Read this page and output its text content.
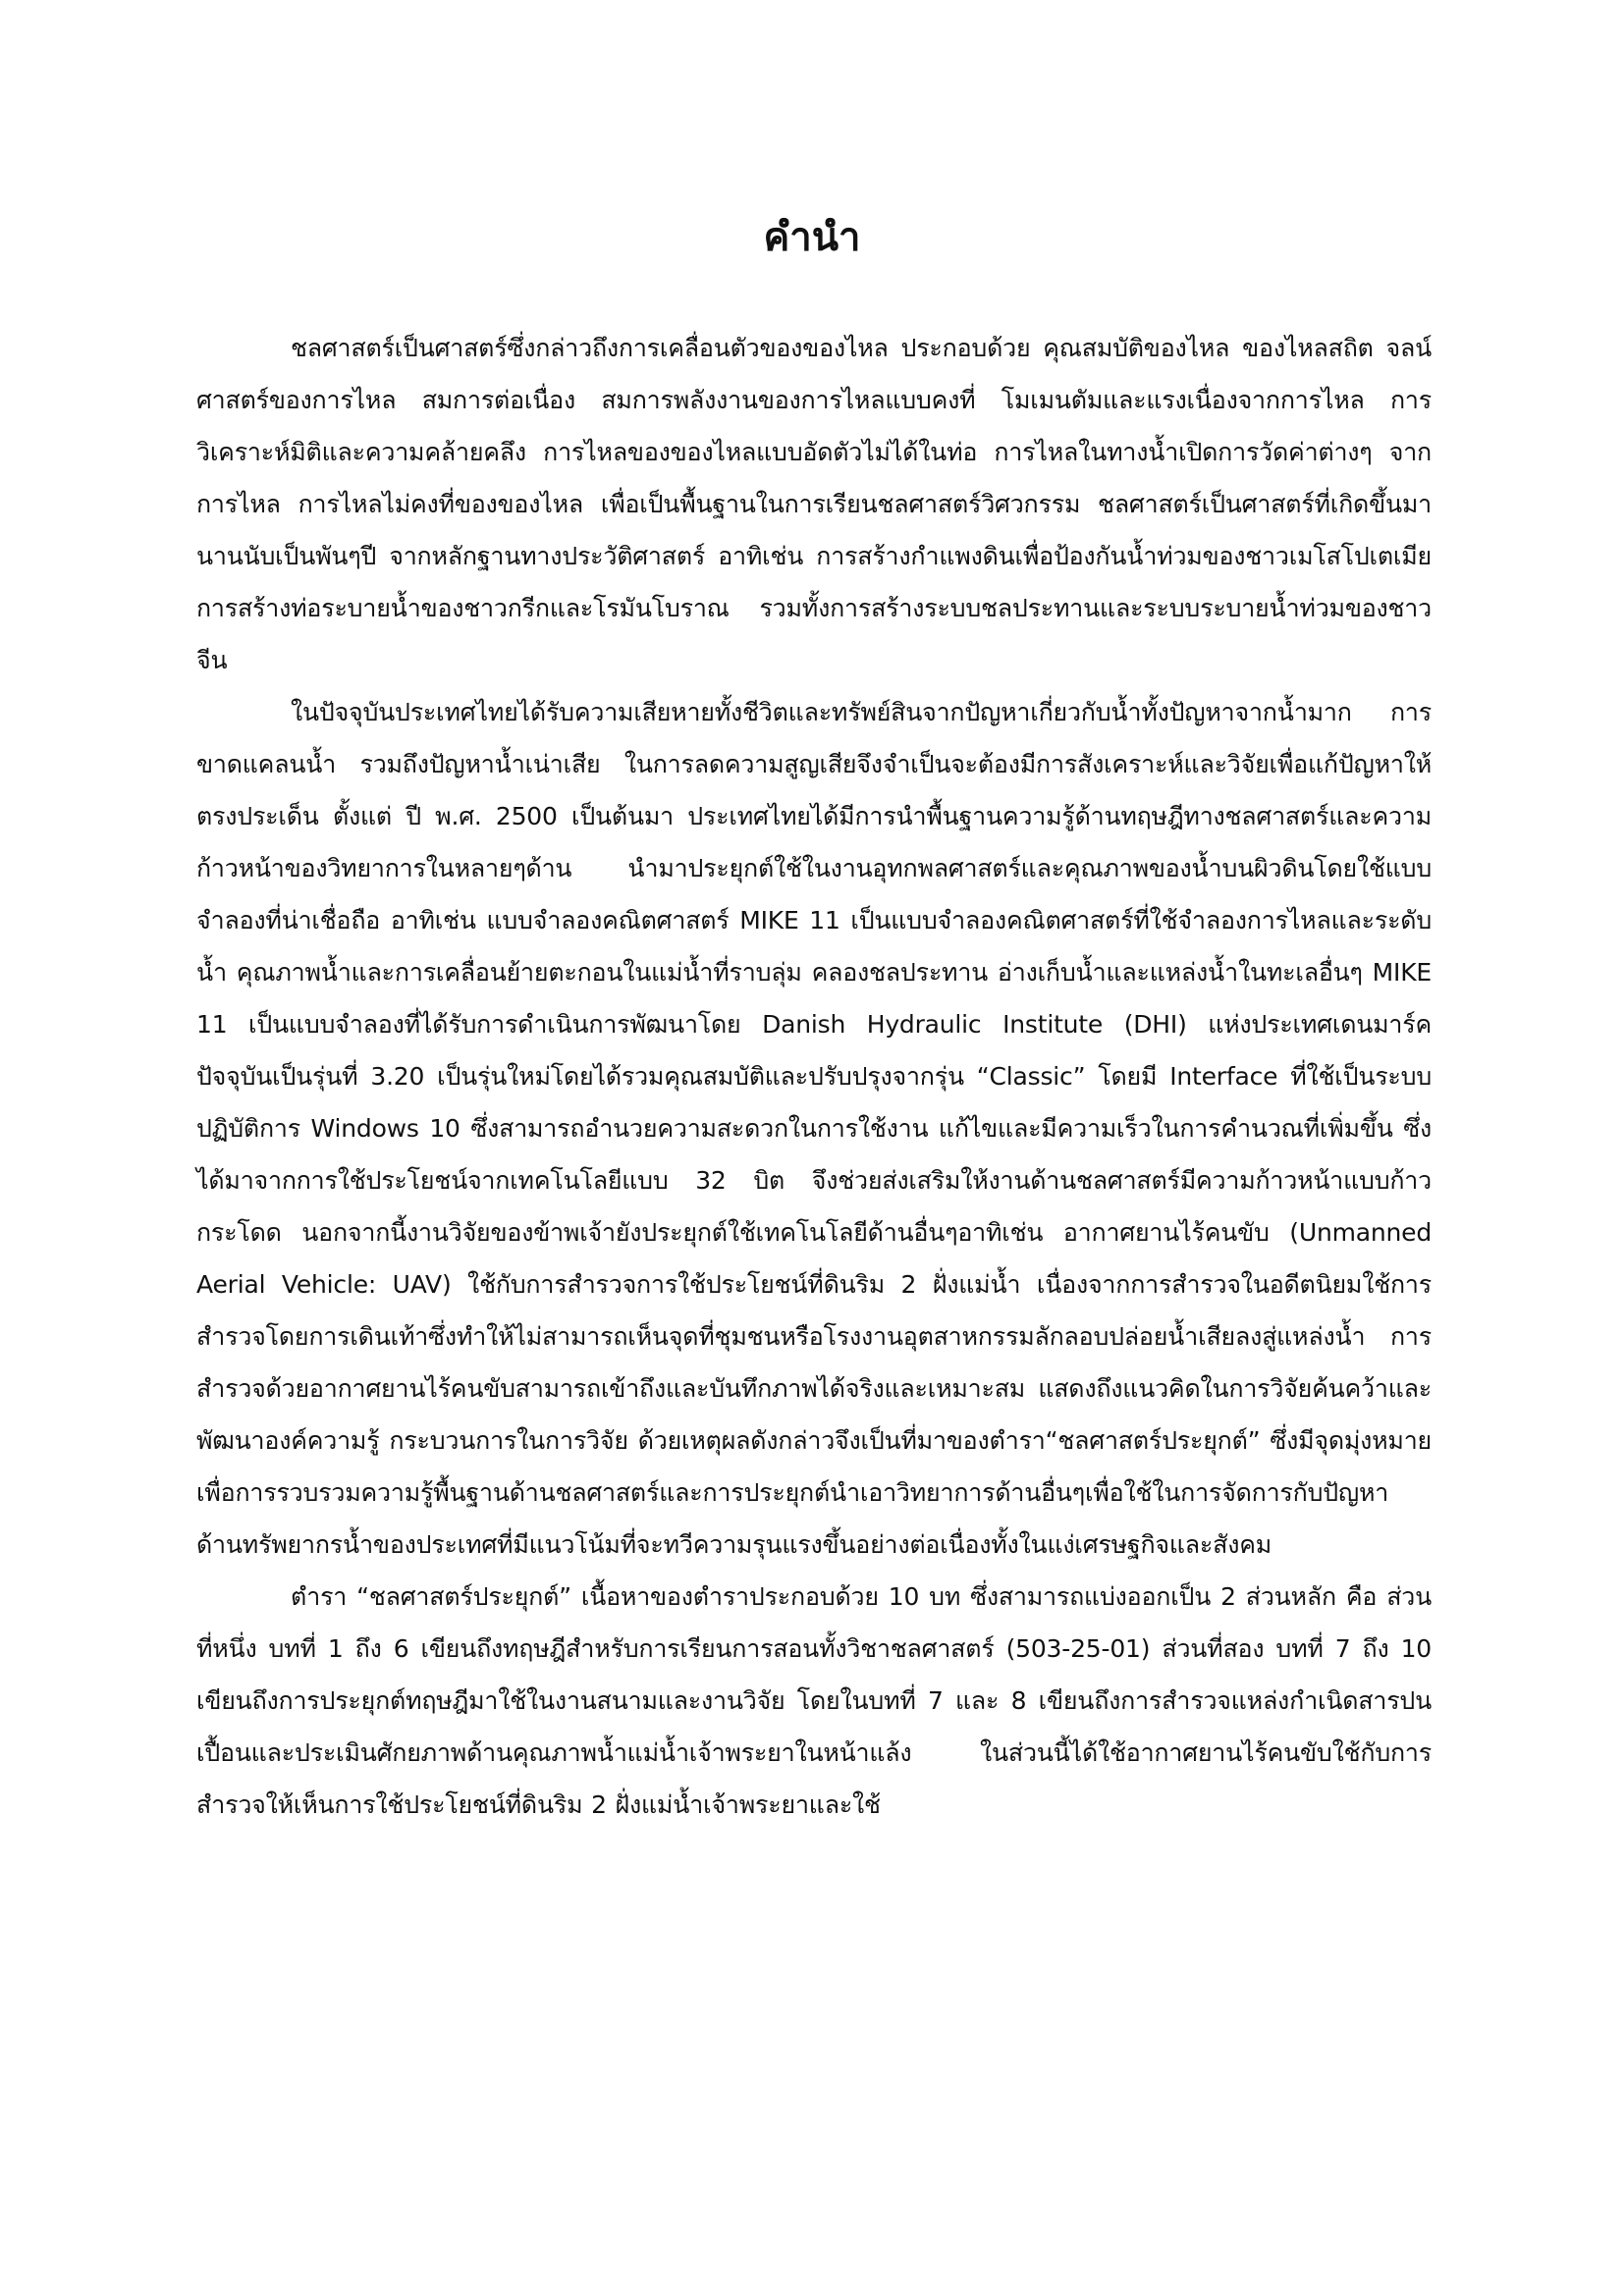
คำนำ

ชลศาสตร์เป็นศาสตร์ซึ่งกล่าวถึงการเคลื่อนตัวของของไหล ประกอบด้วย คุณสมบัติของไหล ของไหลสถิต จลน์ศาสตร์ของการไหล สมการต่อเนื่อง สมการพลังงานของการไหลแบบคงที่ โมเมนตัมและแรงเนื่องจากการไหล การวิเคราะห์มิติและความคล้ายคลึง การไหลของของไหลแบบอัดตัวไม่ได้ในท่อ การไหลในทางน้ำเปิดการวัดค่าต่างๆ จากการไหล การไหลไม่คงที่ของของไหล เพื่อเป็นพื้นฐานในการเรียนชลศาสตร์วิศวกรรม ชลศาสตร์เป็นศาสตร์ที่เกิดขึ้นมานานนับเป็นพันๆปี จากหลักฐานทางประวัติศาสตร์ อาทิเช่น การสร้างกำแพงดินเพื่อป้องกันน้ำท่วมของชาวเมโสโปเตเมีย การสร้างท่อระบายน้ำของชาวกรีกและโรมันโบราณ รวมทั้งการสร้างระบบชลประทานและระบบระบายน้ำท่วมของชาวจีน

ในปัจจุบันประเทศไทยได้รับความเสียหายทั้งชีวิตและทรัพย์สินจากปัญหาเกี่ยวกับน้ำทั้งปัญหาจากน้ำมาก การขาดแคลนน้ำ รวมถึงปัญหาน้ำเน่าเสีย ในการลดความสูญเสียจึงจำเป็นจะต้องมีการสังเคราะห์และวิจัยเพื่อแก้ปัญหาให้ตรงประเด็น ตั้งแต่ ปี พ.ศ. 2500 เป็นต้นมา ประเทศไทยได้มีการนำพื้นฐานความรู้ด้านทฤษฎีทางชลศาสตร์และความก้าวหน้าของวิทยาการในหลายๆด้าน นำมาประยุกต์ใช้ในงานอุทกพลศาสตร์และคุณภาพของน้ำบนผิวดินโดยใช้แบบจำลองที่น่าเชื่อถือ อาทิเช่น แบบจำลองคณิตศาสตร์ MIKE 11 เป็นแบบจำลองคณิตศาสตร์ที่ใช้จำลองการไหลและระดับน้ำ คุณภาพน้ำและการเคลื่อนย้ายตะกอนในแม่น้ำที่ราบลุ่ม คลองชลประทาน อ่างเก็บน้ำและแหล่งน้ำในทะเลอื่นๆ MIKE 11 เป็นแบบจำลองที่ได้รับการดำเนินการพัฒนาโดย Danish Hydraulic Institute (DHI) แห่งประเทศเดนมาร์ค ปัจจุบันเป็นรุ่นที่ 3.20 เป็นรุ่นใหม่โดยได้รวมคุณสมบัติและปรับปรุงจากรุ่น “Classic” โดยมี Interface ที่ใช้เป็นระบบปฏิบัติการ Windows 10 ซึ่งสามารถอำนวยความสะดวกในการใช้งาน แก้ไขและมีความเร็วในการคำนวณที่เพิ่มขึ้น ซึ่งได้มาจากการใช้ประโยชน์จากเทคโนโลยีแบบ 32 บิต จึงช่วยส่งเสริมให้งานด้านชลศาสตร์มีความก้าวหน้าแบบก้าวกระโดด นอกจากนี้งานวิจัยของข้าพเจ้ายังประยุกต์ใช้เทคโนโลยีด้านอื่นๆอาทิเช่น อากาศยานไร้คนขับ (Unmanned Aerial Vehicle: UAV) ใช้กับการสำรวจการใช้ประโยชน์ที่ดินริม 2 ฝั่งแม่น้ำ เนื่องจากการสำรวจในอดีตนิยมใช้การสำรวจโดยการเดินเท้าซึ่งทำให้ไม่สามารถเห็นจุดที่ชุมชนหรือโรงงานอุตสาหกรรมลักลอบปล่อยน้ำเสียลงสู่แหล่งน้ำ การสำรวจด้วยอากาศยานไร้คนขับสามารถเข้าถึงและบันทึกภาพได้จริงและเหมาะสม แสดงถึงแนวคิดในการวิจัยค้นคว้าและพัฒนาองค์ความรู้ กระบวนการในการวิจัย ด้วยเหตุผลดังกล่าวจึงเป็นที่มาของตำรา“ชลศาสตร์ประยุกต์” ซึ่งมีจุดมุ่งหมายเพื่อการรวบรวมความรู้พื้นฐานด้านชลศาสตร์และการประยุกต์นำเอาวิทยาการด้านอื่นๆเพื่อใช้ในการจัดการกับปัญหาด้านทรัพยากรน้ำของประเทศที่มีแนวโน้มที่จะทวีความรุนแรงขึ้นอย่างต่อเนื่องทั้งในแง่เศรษฐกิจและสังคม

ตำรา “ชลศาสตร์ประยุกต์” เนื้อหาของตำราประกอบด้วย 10 บท ซึ่งสามารถแบ่งออกเป็น 2 ส่วนหลัก คือ ส่วนที่หนึ่ง บทที่ 1 ถึง 6 เขียนถึงทฤษฎีสำหรับการเรียนการสอนทั้งวิชาชลศาสตร์ (503-25-01) ส่วนที่สอง บทที่ 7 ถึง 10 เขียนถึงการประยุกต์ทฤษฎีมาใช้ในงานสนามและงานวิจัย โดยในบทที่ 7 และ 8 เขียนถึงการสำรวจแหล่งกำเนิดสารปนเปื้อนและประเมินศักยภาพด้านคุณภาพน้ำแม่น้ำเจ้าพระยาในหน้าแล้ง ในส่วนนี้ได้ใช้อากาศยานไร้คนขับใช้กับการสำรวจให้เห็นการใช้ประโยชน์ที่ดินริม 2 ฝั่งแม่น้ำเจ้าพระยาและใช้
